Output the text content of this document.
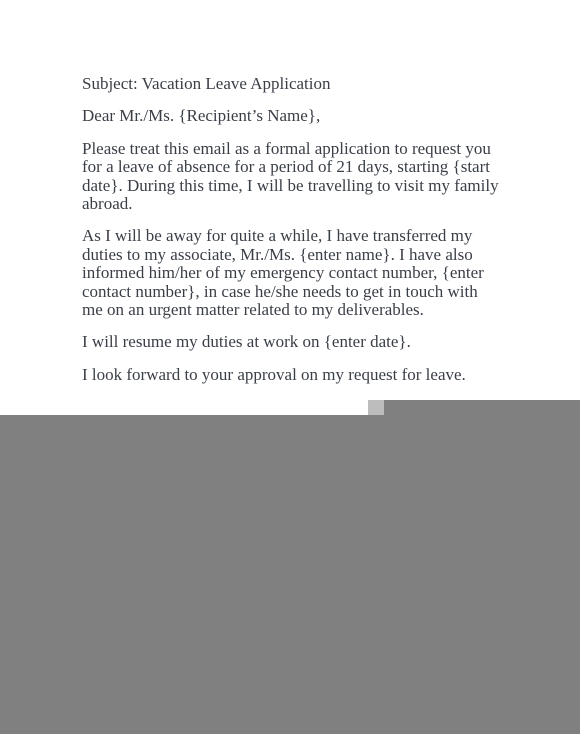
Subject: Vacation Leave Application

Dear Mr./Ms. {Recipient’s Name},

Please treat this email as a formal application to request you for a leave of absence for a period of 21 days, starting {start date}. During this time, I will be travelling to visit my family abroad.

As I will be away for quite a while, I have transferred my duties to my associate, Mr./Ms. {enter name}. I have also informed him/her of my emergency contact number, {enter contact number}, in case he/she needs to get in touch with me on an urgent matter related to my deliverables.

I will resume my duties at work on {enter date}.

I look forward to your approval on my request for leave.
